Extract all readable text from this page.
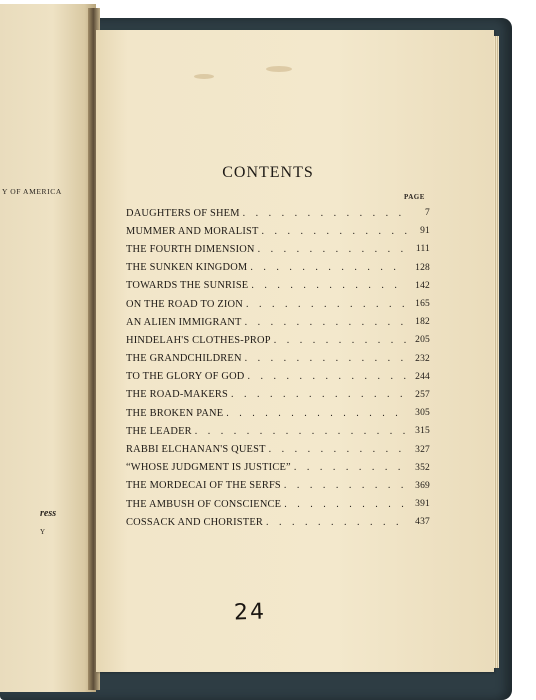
Y OF AMERICA
ress
Y
CONTENTS
PAGE
DAUGHTERS OF SHEM . . .	7
MUMMER AND MORALIST . . .	91
THE FOURTH DIMENSION . . .	111
THE SUNKEN KINGDOM . . .	128
TOWARDS THE SUNRISE . . .	142
ON THE ROAD TO ZION . . .	165
AN ALIEN IMMIGRANT . . .	182
HINDELAH'S CLOTHES-PROP . . .	205
THE GRANDCHILDREN . . .	232
TO THE GLORY OF GOD . . .	244
THE ROAD-MAKERS . . .	257
THE BROKEN PANE . . .	305
THE LEADER . . .	315
RABBI ELCHANAN'S QUEST . . .	327
“WHOSE JUDGMENT IS JUSTICE” . . .	352
THE MORDECAI OF THE SERFS . . .	369
THE AMBUSH OF CONSCIENCE . . .	391
COSSACK AND CHORISTER . . .	437
24
